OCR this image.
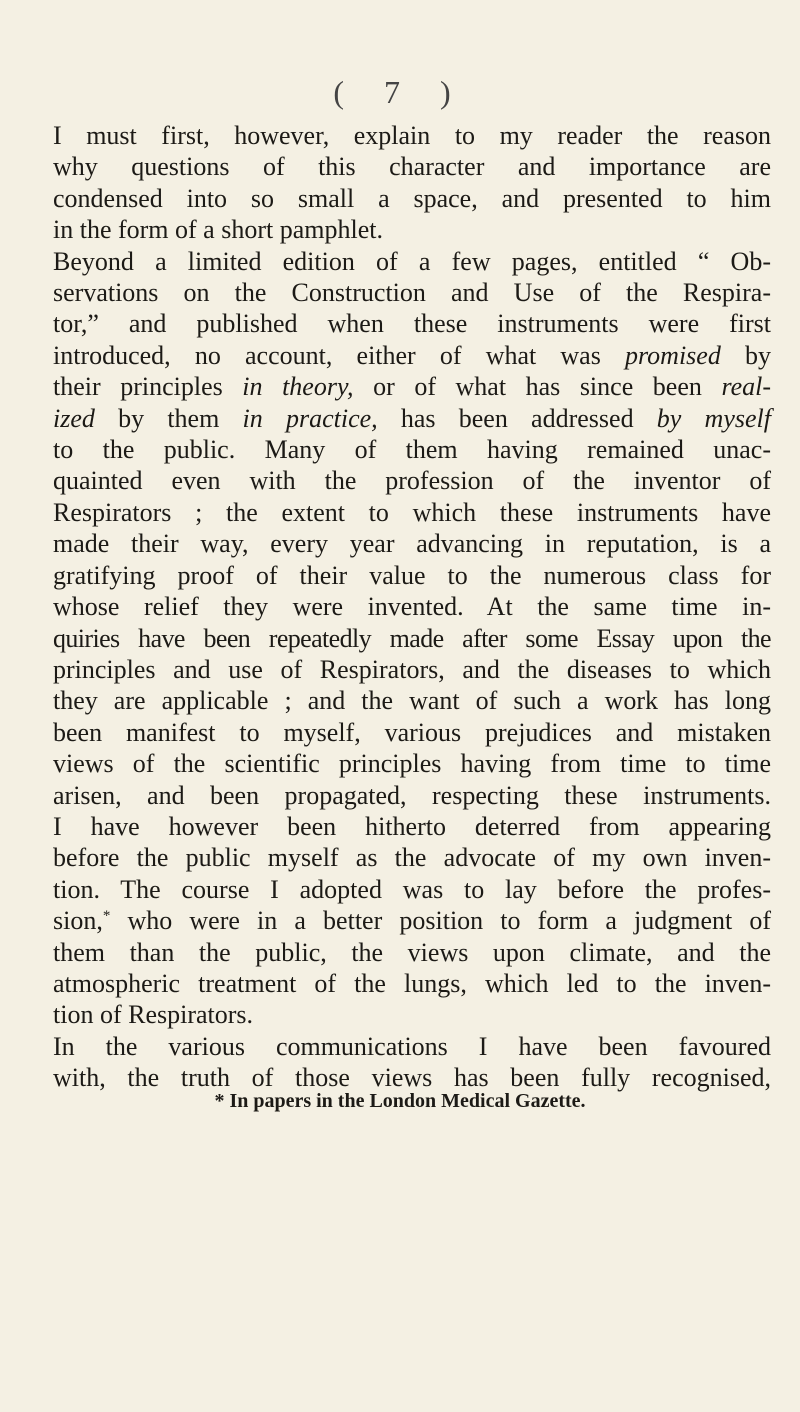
( 7 )
I must first, however, explain to my reader the reason
why questions of this character and importance are
condensed into so small a space, and presented to him
in the form of a short pamphlet.
Beyond a limited edition of a few pages, entitled “ Ob-
servations on the Construction and Use of the Respira-
tor,” and published when these instruments were first
introduced, no account, either of what was promised by
their principles in theory, or of what has since been real-
ized by them in practice, has been addressed by myself
to the public. Many of them having remained unac-
quainted even with the profession of the inventor of
Respirators ; the extent to which these instruments have
made their way, every year advancing in reputation, is a
gratifying proof of their value to the numerous class for
whose relief they were invented. At the same time in-
quiries have been repeatedly made after some Essay upon the
principles and use of Respirators, and the diseases to which
they are applicable ; and the want of such a work has long
been manifest to myself, various prejudices and mistaken
views of the scientific principles having from time to time
arisen, and been propagated, respecting these instruments.
I have however been hitherto deterred from appearing
before the public myself as the advocate of my own inven-
tion. The course I adopted was to lay before the profes-
sion,* who were in a better position to form a judgment of
them than the public, the views upon climate, and the
atmospheric treatment of the lungs, which led to the inven-
tion of Respirators.
In the various communications I have been favoured
with, the truth of those views has been fully recognised,
* In papers in the London Medical Gazette.
